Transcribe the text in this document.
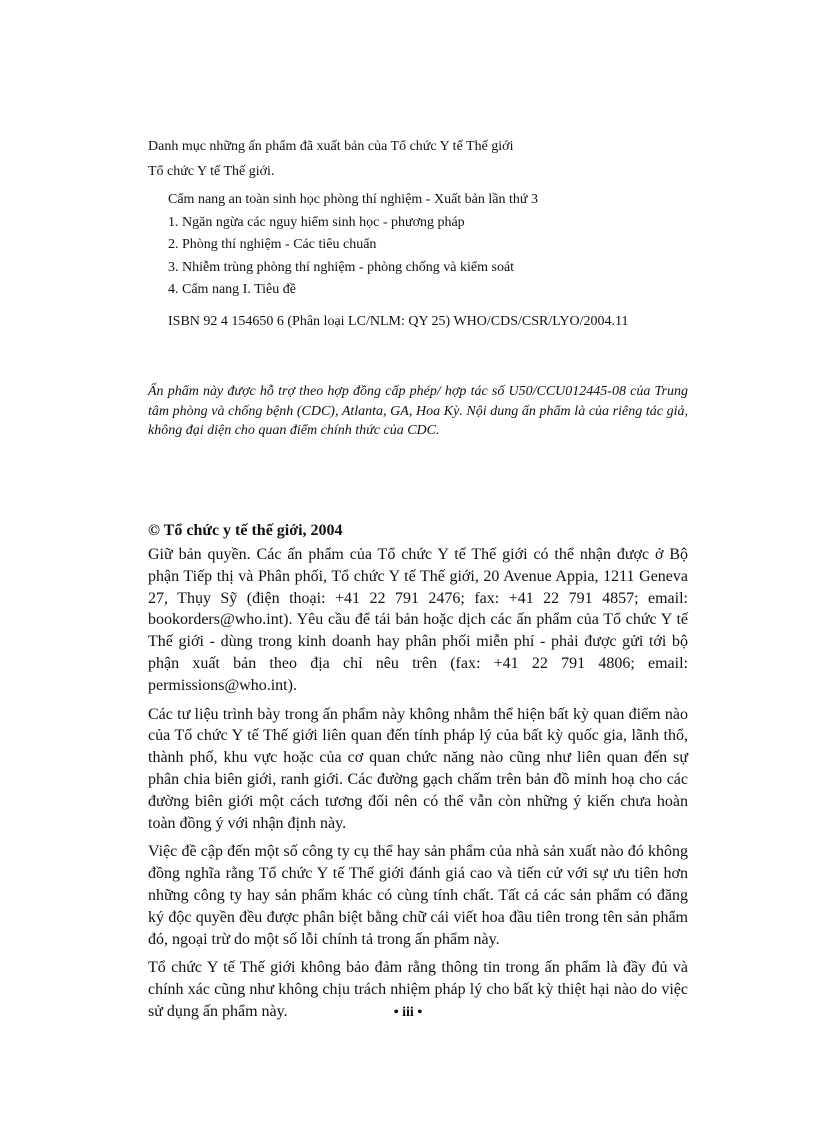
Danh mục những ấn phẩm đã xuất bản của Tổ chức Y tế Thế giới

Tổ chức Y tế Thế giới.

Cẩm nang an toàn sinh học phòng thí nghiệm - Xuất bản lần thứ 3

1. Ngăn ngừa các nguy hiểm sinh học - phương pháp

2. Phòng thí nghiệm - Các tiêu chuẩn

3. Nhiễm trùng phòng thí nghiệm - phòng chống và kiểm soát

4. Cẩm nang I. Tiêu đề

ISBN 92 4 154650 6 (Phân loại LC/NLM: QY 25) WHO/CDS/CSR/LYO/2004.11

Ấn phẩm này được hỗ trợ theo hợp đồng cấp phép/ hợp tác số U50/CCU012445-08 của Trung tâm phòng và chống bệnh (CDC), Atlanta, GA, Hoa Kỳ. Nội dung ấn phẩm là của riêng tác giả, không đại diện cho quan điểm chính thức của CDC.

© Tổ chức y tế thế giới, 2004

Giữ bản quyền. Các ấn phẩm của Tổ chức Y tế Thế giới có thể nhận được ở Bộ phận Tiếp thị và Phân phối, Tổ chức Y tế Thế giới, 20 Avenue Appia, 1211 Geneva 27, Thụy Sỹ (điện thoại: +41 22 791 2476; fax: +41 22 791 4857; email: bookorders@who.int). Yêu cầu để tái bản hoặc dịch các ấn phẩm của Tổ chức Y tế Thế giới - dùng trong kinh doanh hay phân phối miễn phí - phải được gửi tới bộ phận xuất bản theo địa chỉ nêu trên (fax: +41 22 791 4806; email: permissions@who.int).

Các tư liệu trình bày trong ấn phẩm này không nhằm thể hiện bất kỳ quan điểm nào của Tổ chức Y tế Thế giới liên quan đến tính pháp lý của bất kỳ quốc gia, lãnh thổ, thành phố, khu vực hoặc của cơ quan chức năng nào cũng như liên quan đến sự phân chia biên giới, ranh giới. Các đường gạch chấm trên bản đồ minh hoạ cho các đường biên giới một cách tương đối nên có thể vẫn còn những ý kiến chưa hoàn toàn đồng ý với nhận định này.

Việc đề cập đến một số công ty cụ thể hay sản phẩm của nhà sản xuất nào đó không đồng nghĩa rằng Tổ chức Y tế Thế giới đánh giá cao và tiến cử với sự ưu tiên hơn những công ty hay sản phẩm khác có cùng tính chất. Tất cả các sản phẩm có đăng ký độc quyền đều được phân biệt bằng chữ cái viết hoa đầu tiên trong tên sản phẩm đó, ngoại trừ do một số lỗi chính tả trong ấn phẩm này.

Tổ chức Y tế Thế giới không bảo đảm rằng thông tin trong ấn phẩm là đầy đủ và chính xác cũng như không chịu trách nhiệm pháp lý cho bất kỳ thiệt hại nào do việc sử dụng ấn phẩm này.	• iii •
